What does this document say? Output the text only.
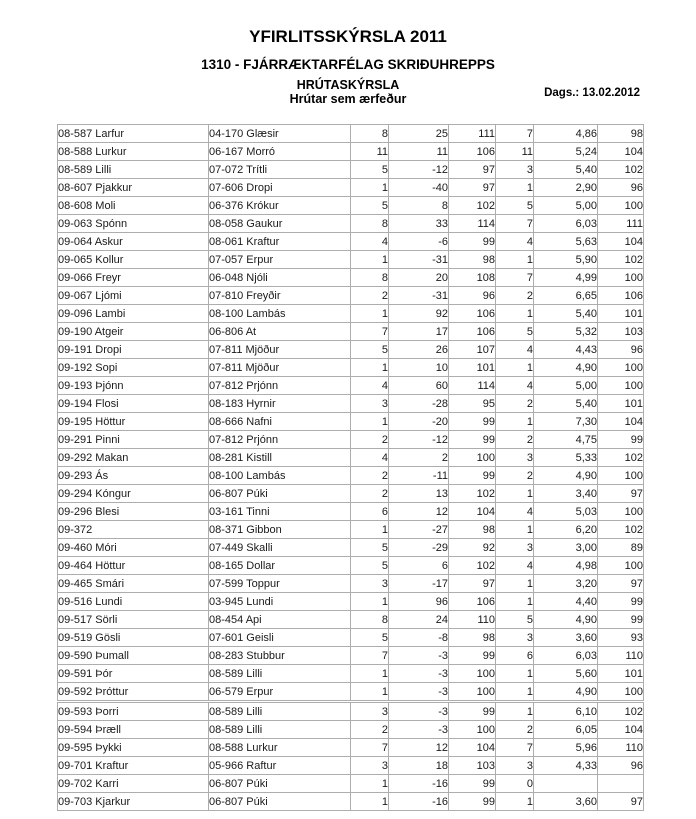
YFIRLITSSKÝRSLA 2011
1310 - FJÁRRÆKTARFÉLAG SKRIÐUHREPPS
HRÚTASKÝRSLA
Hrútar sem ærfeður	Dags.: 13.02.2012
08-587 Larfur	04-170 Glæsir	8	25	111	7	4,86	98
08-588 Lurkur	06-167 Morró	11	11	106	11	5,24	104
08-589 Lilli	07-072 Trítli	5	-12	97	3	5,40	102
08-607 Pjakkur	07-606 Dropi	1	-40	97	1	2,90	96
08-608 Moli	06-376 Krókur	5	8	102	5	5,00	100
09-063 Spónn	08-058 Gaukur	8	33	114	7	6,03	111
09-064 Askur	08-061 Kraftur	4	-6	99	4	5,63	104
09-065 Kollur	07-057 Erpur	1	-31	98	1	5,90	102
09-066 Freyr	06-048 Njóli	8	20	108	7	4,99	100
09-067 Ljómi	07-810 Freyðir	2	-31	96	2	6,65	106
09-096 Lambi	08-100 Lambás	1	92	106	1	5,40	101
09-190 Atgeir	06-806 At	7	17	106	5	5,32	103
09-191 Dropi	07-811 Mjöður	5	26	107	4	4,43	96
09-192 Sopi	07-811 Mjöður	1	10	101	1	4,90	100
09-193 Þjónn	07-812 Prjónn	4	60	114	4	5,00	100
09-194 Flosi	08-183 Hyrnir	3	-28	95	2	5,40	101
09-195 Höttur	08-666 Nafni	1	-20	99	1	7,30	104
09-291 Pinni	07-812 Prjónn	2	-12	99	2	4,75	99
09-292 Makan	08-281 Kistill	4	2	100	3	5,33	102
09-293 Ás	08-100 Lambás	2	-11	99	2	4,90	100
09-294 Kóngur	06-807 Púki	2	13	102	1	3,40	97
09-296 Blesi	03-161 Tinni	6	12	104	4	5,03	100
09-372	08-371 Gibbon	1	-27	98	1	6,20	102
09-460 Móri	07-449 Skalli	5	-29	92	3	3,00	89
09-464 Höttur	08-165 Dollar	5	6	102	4	4,98	100
09-465 Smári	07-599 Toppur	3	-17	97	1	3,20	97
09-516 Lundi	03-945 Lundi	1	96	106	1	4,40	99
09-517 Sörli	08-454 Api	8	24	110	5	4,90	99
09-519 Gösli	07-601 Geisli	5	-8	98	3	3,60	93
09-590 Þumall	08-283 Stubbur	7	-3	99	6	6,03	110
09-591 Þór	08-589 Lilli	1	-3	100	1	5,60	101
09-592 Þróttur	06-579 Erpur	1	-3	100	1	4,90	100
09-593 Þorri	08-589 Lilli	3	-3	99	1	6,10	102
09-594 Þræll	08-589 Lilli	2	-3	100	2	6,05	104
09-595 Þykki	08-588 Lurkur	7	12	104	7	5,96	110
09-701 Kraftur	05-966 Raftur	3	18	103	3	4,33	96
09-702 Karri	06-807 Púki	1	-16	99	0		
09-703 Kjarkur	06-807 Púki	1	-16	99	1	3,60	97
